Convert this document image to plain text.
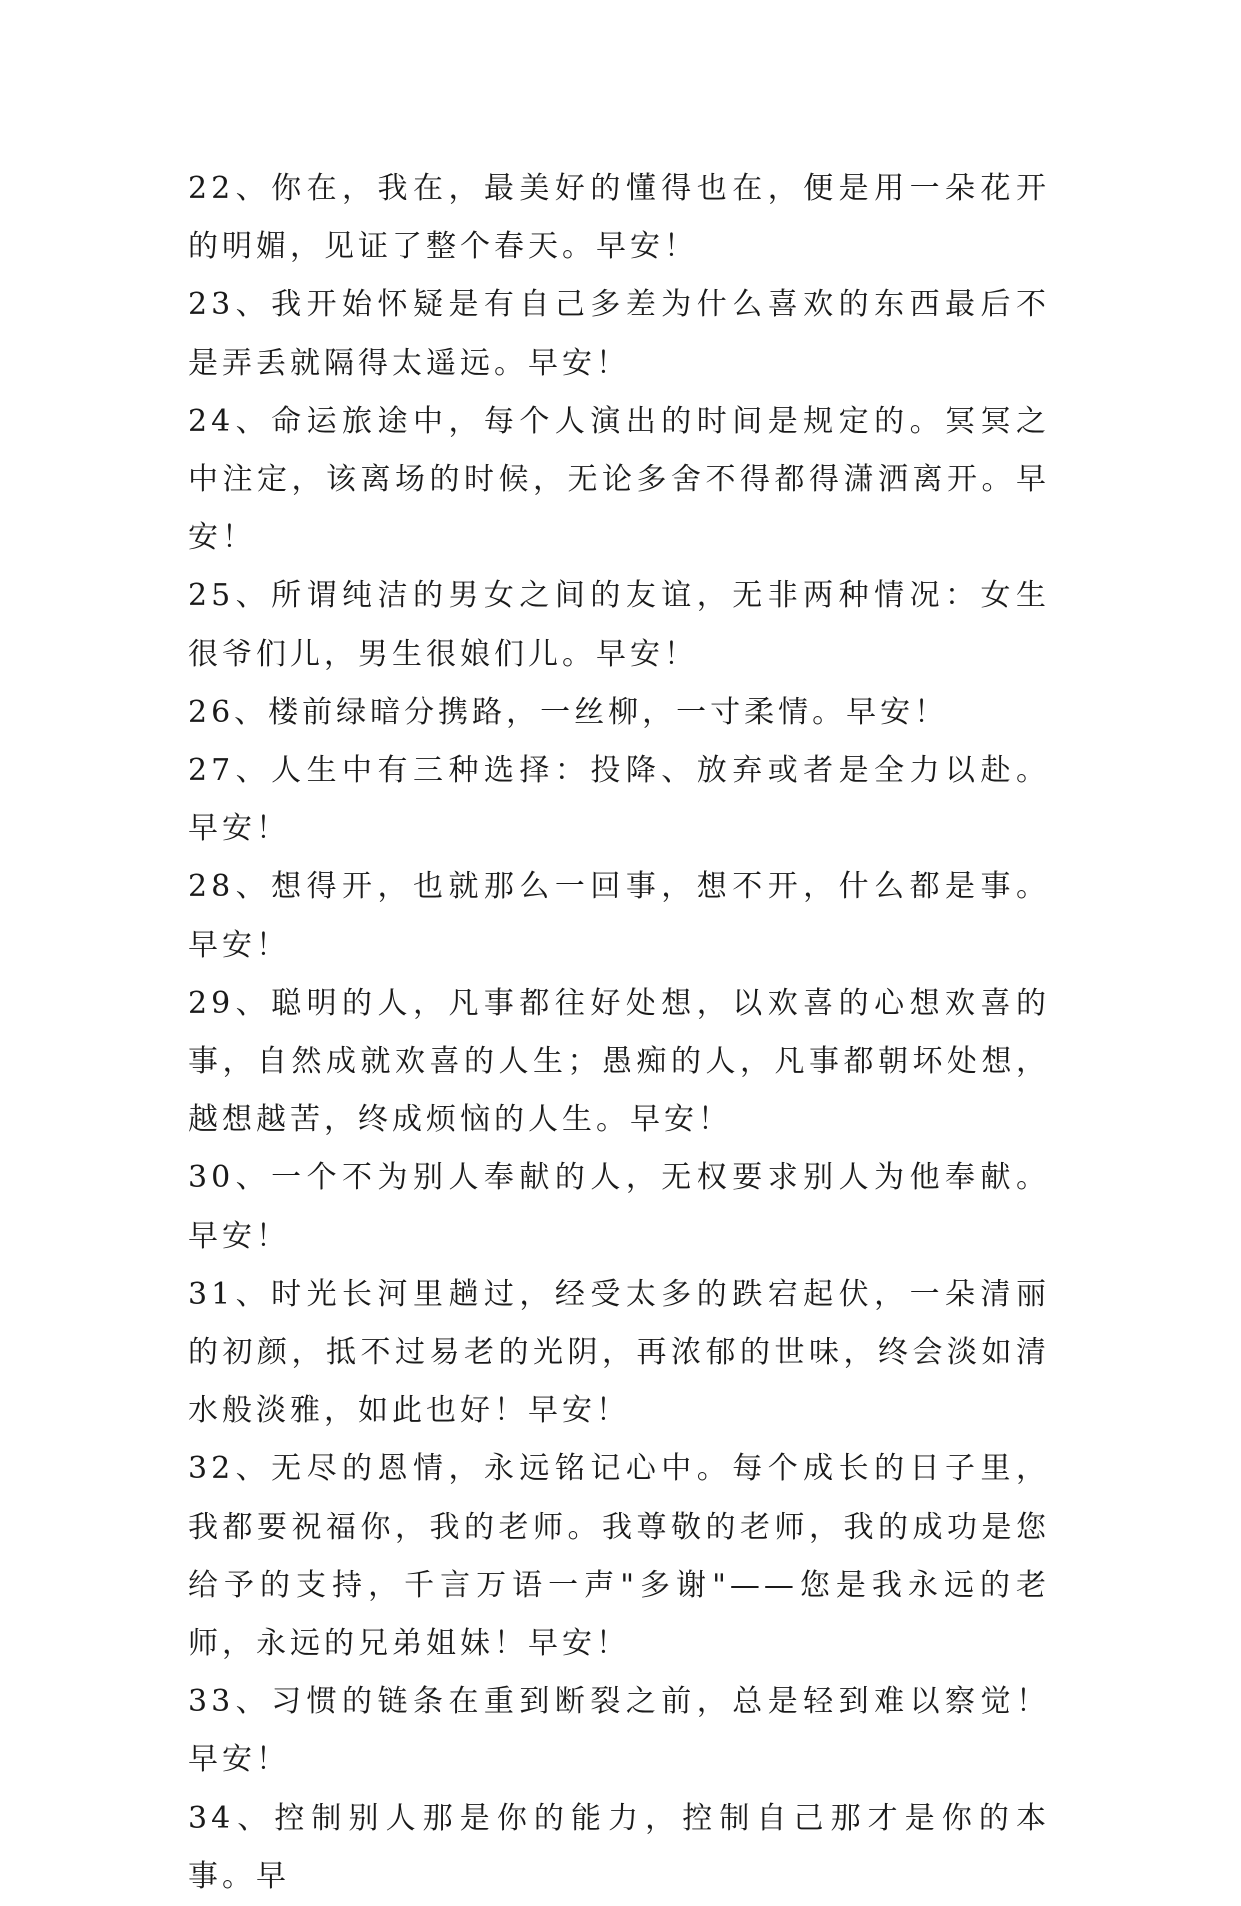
22、你在，我在，最美好的懂得也在，便是用一朵花开的明媚，见证了整个春天。早安！

23、我开始怀疑是有自己多差为什么喜欢的东西最后不是弄丢就隔得太遥远。早安！

24、命运旅途中，每个人演出的时间是规定的。冥冥之中注定，该离场的时候，无论多舍不得都得潇洒离开。早安！

25、所谓纯洁的男女之间的友谊，无非两种情况：女生很爷们儿，男生很娘们儿。早安！

26、楼前绿暗分携路，一丝柳，一寸柔情。早安！

27、人生中有三种选择：投降、放弃或者是全力以赴。早安！

28、想得开，也就那么一回事，想不开，什么都是事。早安！

29、聪明的人，凡事都往好处想，以欢喜的心想欢喜的事，自然成就欢喜的人生；愚痴的人，凡事都朝坏处想，越想越苦，终成烦恼的人生。早安！

30、一个不为别人奉献的人，无权要求别人为他奉献。早安！

31、时光长河里趟过，经受太多的跌宕起伏，一朵清丽的初颜，抵不过易老的光阴，再浓郁的世味，终会淡如清水般淡雅，如此也好！早安！

32、无尽的恩情，永远铭记心中。每个成长的日子里，我都要祝福你，我的老师。我尊敬的老师，我的成功是您给予的支持，千言万语一声"多谢"——您是我永远的老师，永远的兄弟姐妹！早安！

33、习惯的链条在重到断裂之前，总是轻到难以察觉！早安！

34、控制别人那是你的能力，控制自己那才是你的本事。早
